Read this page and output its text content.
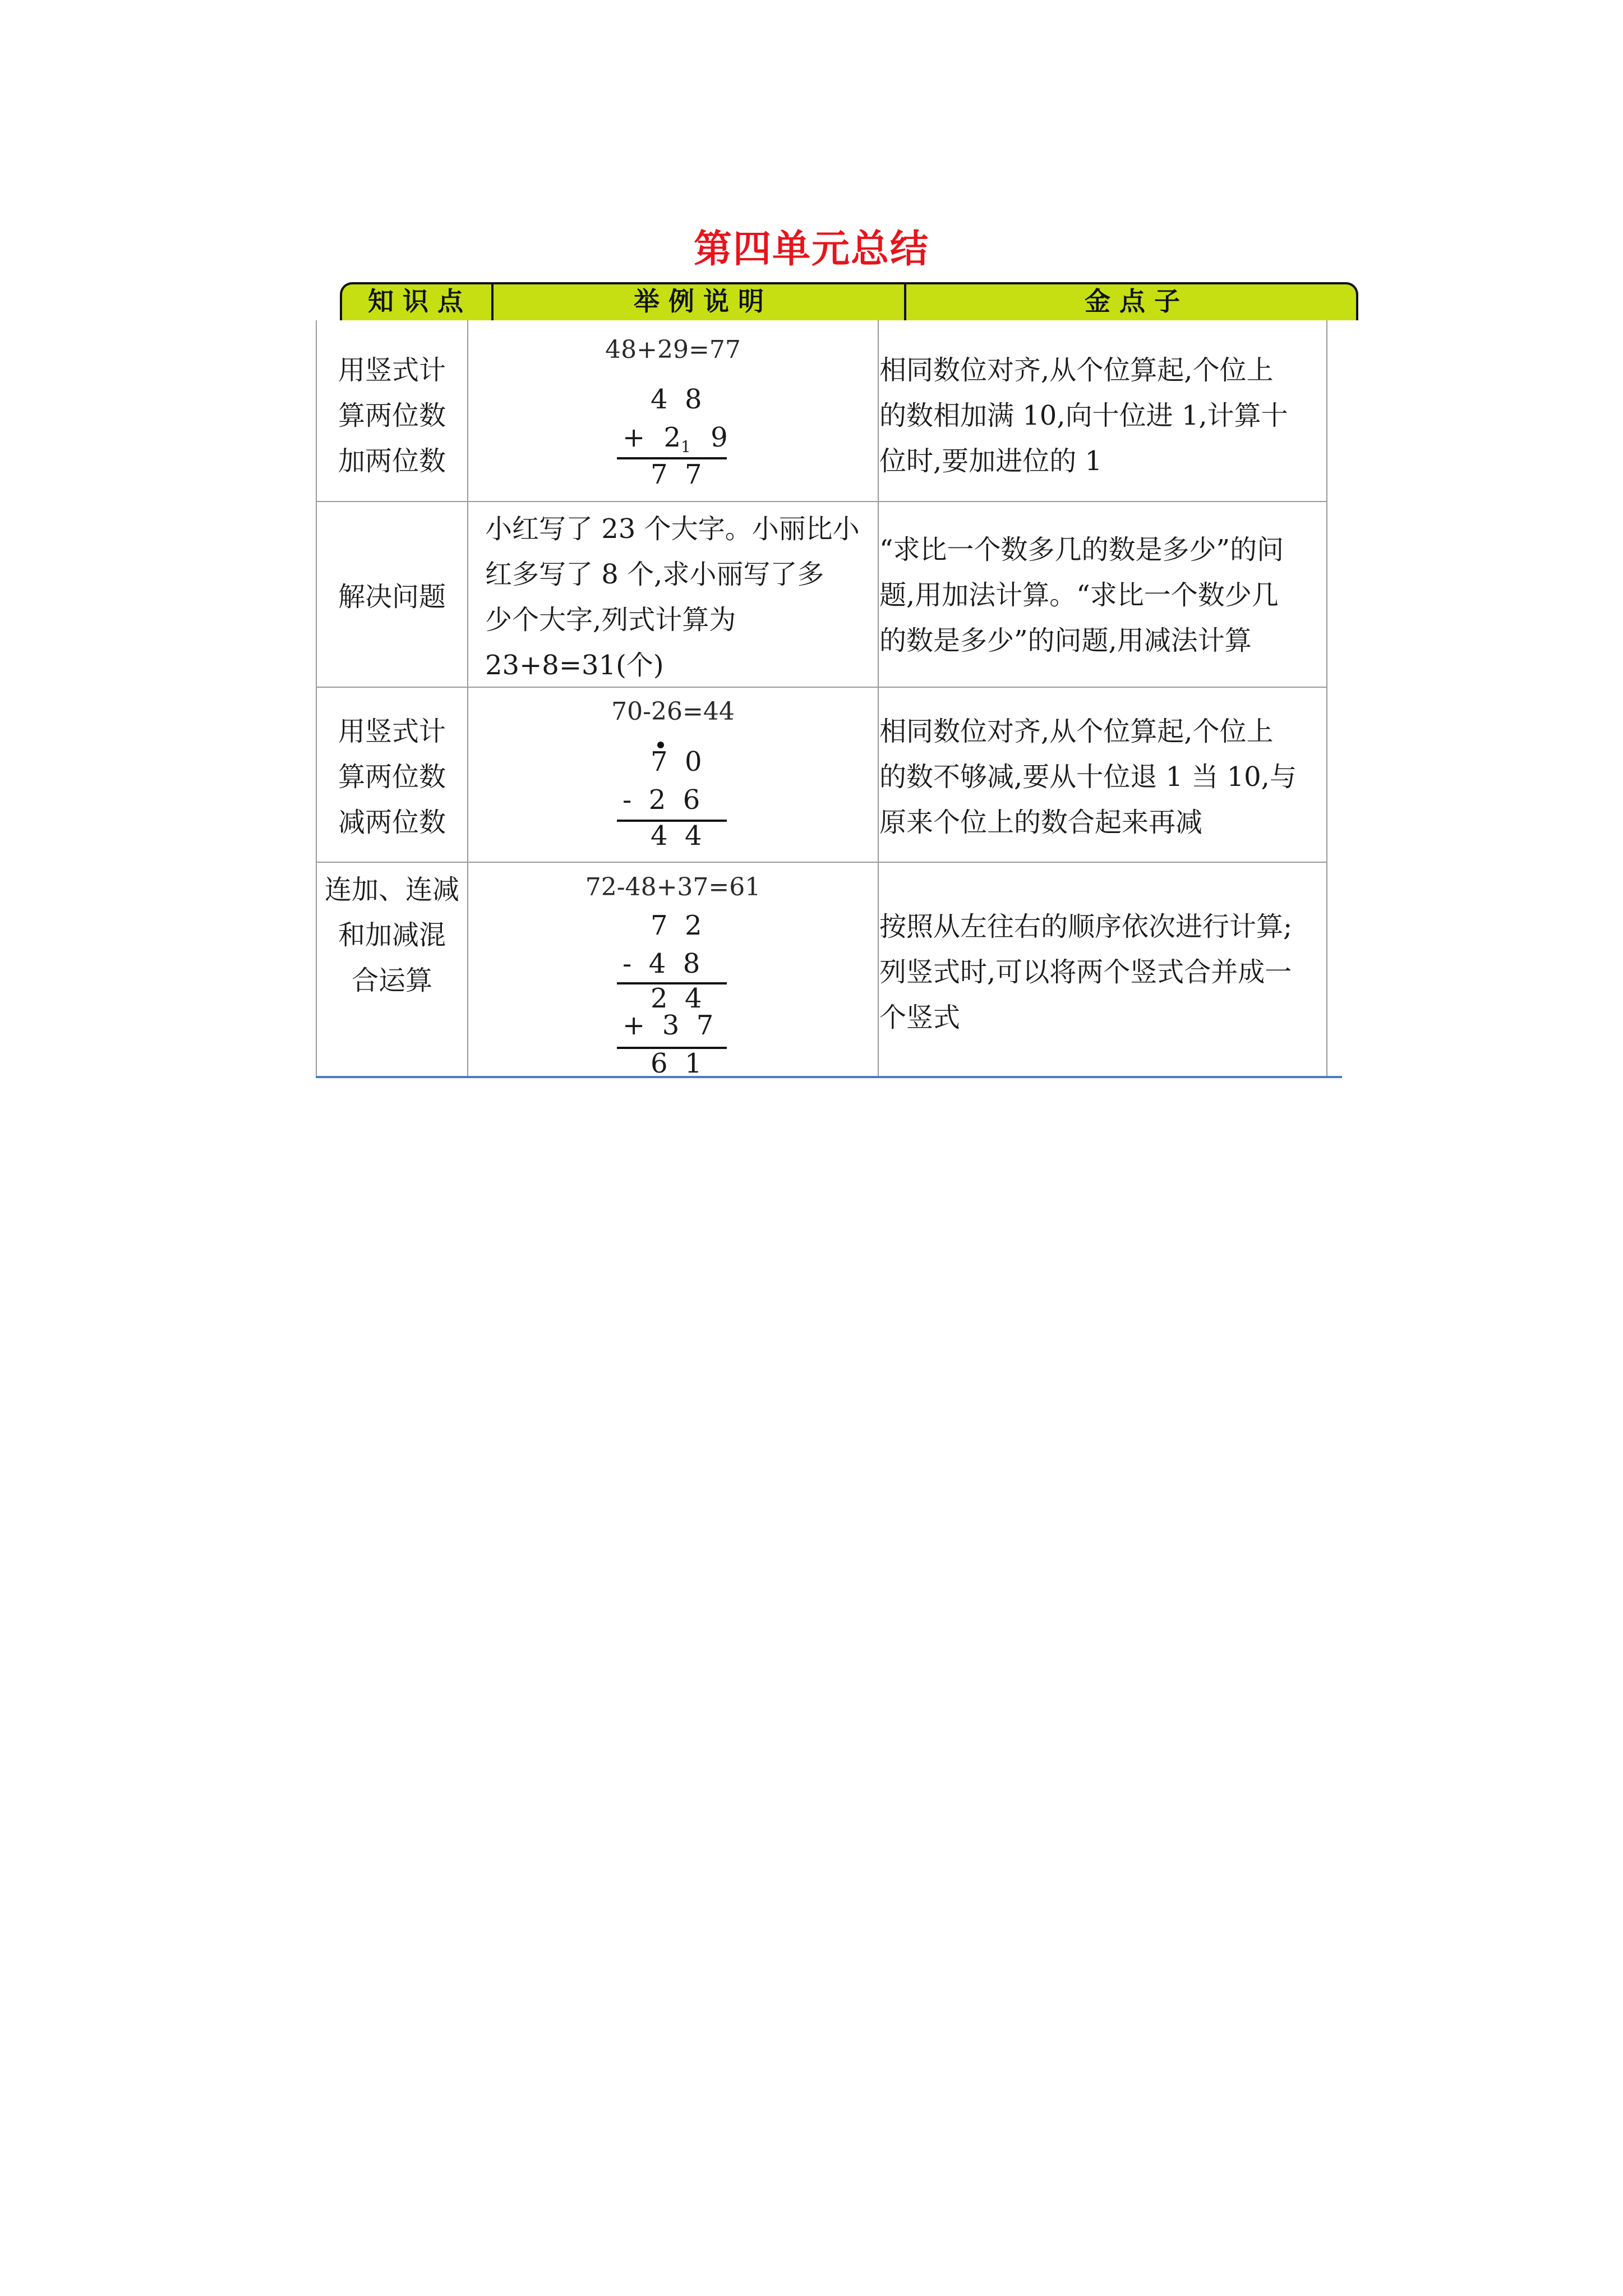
第四单元总结
知 识 点	举 例 说 明	金 点 子
用竖式计
算两位数
加两位数
48+29=77
4  8
+ $2_1$ 9
7  7
相同数位对齐,从个位算起,个位上
的数相加满 10,向十位进 1,计算十
位时,要加进位的 1
解决问题
小红写了 23 个大字。小丽比小
红多写了 8 个,求小丽写了多
少个大字,列式计算为
23+8=31(个)
“求比一个数多几的数是多少”的问
题,用加法计算。“求比一个数少几
的数是多少”的问题,用减法计算
用竖式计
算两位数
减两位数
70-26=44
7  0
-  2  6
4  4
相同数位对齐,从个位算起,个位上
的数不够减,要从十位退 1 当 10,与
原来个位上的数合起来再减
连加、连减
和加减混
合运算
72-48+37=61
7  2
-  4  8
2  4
+  3  7
6  1
按照从左往右的顺序依次进行计算;
列竖式时,可以将两个竖式合并成一
个竖式
